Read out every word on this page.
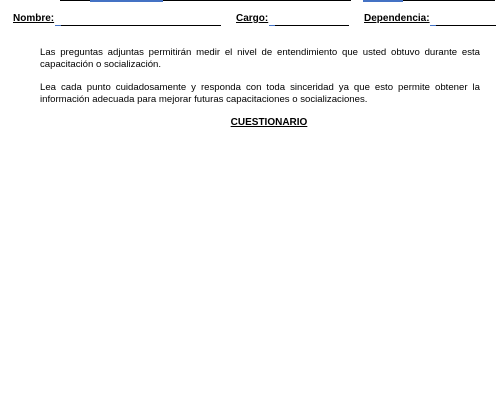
Nombre:	Cargo:	Dependencia:

Las preguntas adjuntas permitirán medir el nivel de entendimiento que usted obtuvo durante esta capacitación o socialización.

Lea cada punto cuidadosamente y responda con toda sinceridad ya que esto permite obtener la información adecuada para mejorar futuras capacitaciones o socializaciones.

CUESTIONARIO
